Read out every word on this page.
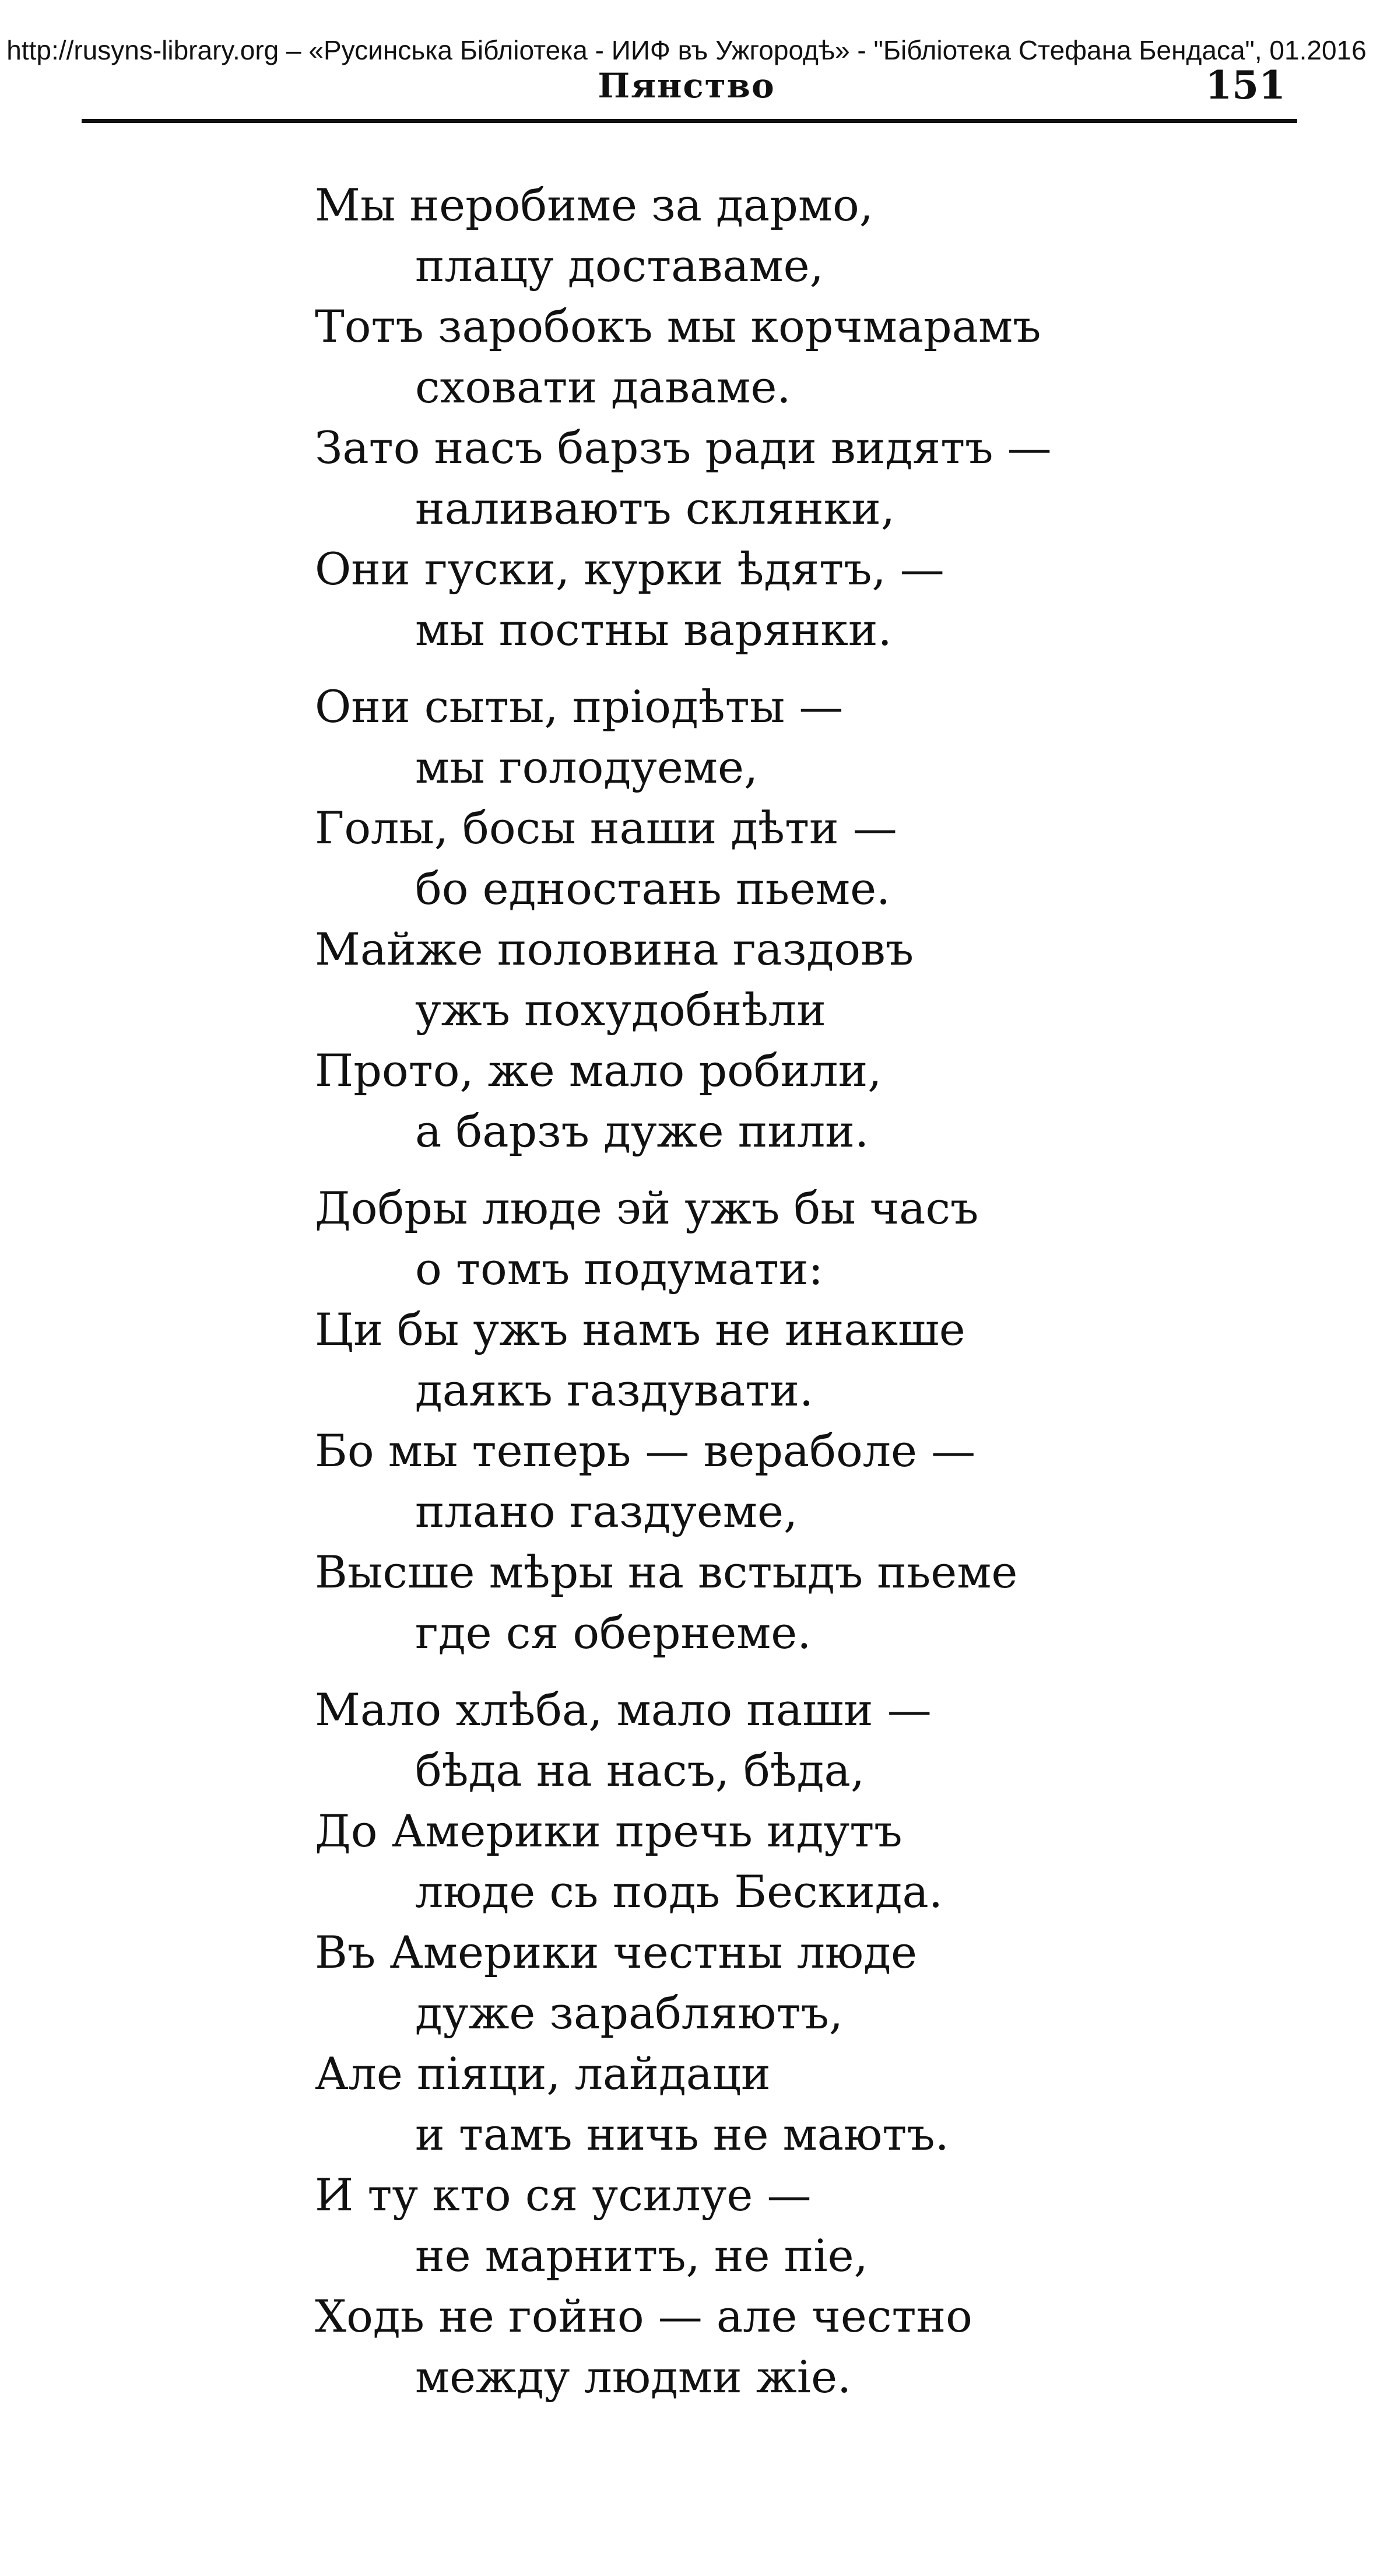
http://rusyns-library.org – «Русинська Бібліотека - ИИФ въ Ужгородѣ» - "Бібліотека Стефана Бендаса", 01.2016
Пянство	151
Мы неробиме за дармо,
плацу доставаме,
Тотъ заробокъ мы корчмарамъ
сховати даваме.
Зато насъ барзъ ради видятъ —
наливаютъ склянки,
Они гуски, курки ѣдятъ, —
мы постны варянки.
Они сыты, пріодѣты —
мы голодуеме,
Голы, босы наши дѣти —
бо едностань пьеме.
Майже половина газдовъ
ужъ похудобнѣли
Прото, же мало робили,
а барзъ дуже пили.
Добры люде эй ужъ бы часъ
о томъ подумати:
Ци бы ужъ намъ не инакше
даякъ газдувати.
Бо мы теперь — вераболе —
плано газдуеме,
Высше мѣры на встыдъ пьеме
где ся обернеме.
Мало хлѣба, мало паши —
бѣда на насъ, бѣда,
До Америки пречь идутъ
люде сь подь Бескида.
Въ Америки честны люде
дуже зарабляютъ,
Але піяци, лайдаци
и тамъ ничь не маютъ.
И ту кто ся усилуе —
не марнитъ, не піе,
Ходь не гойно — але честно
между людми жіе.
